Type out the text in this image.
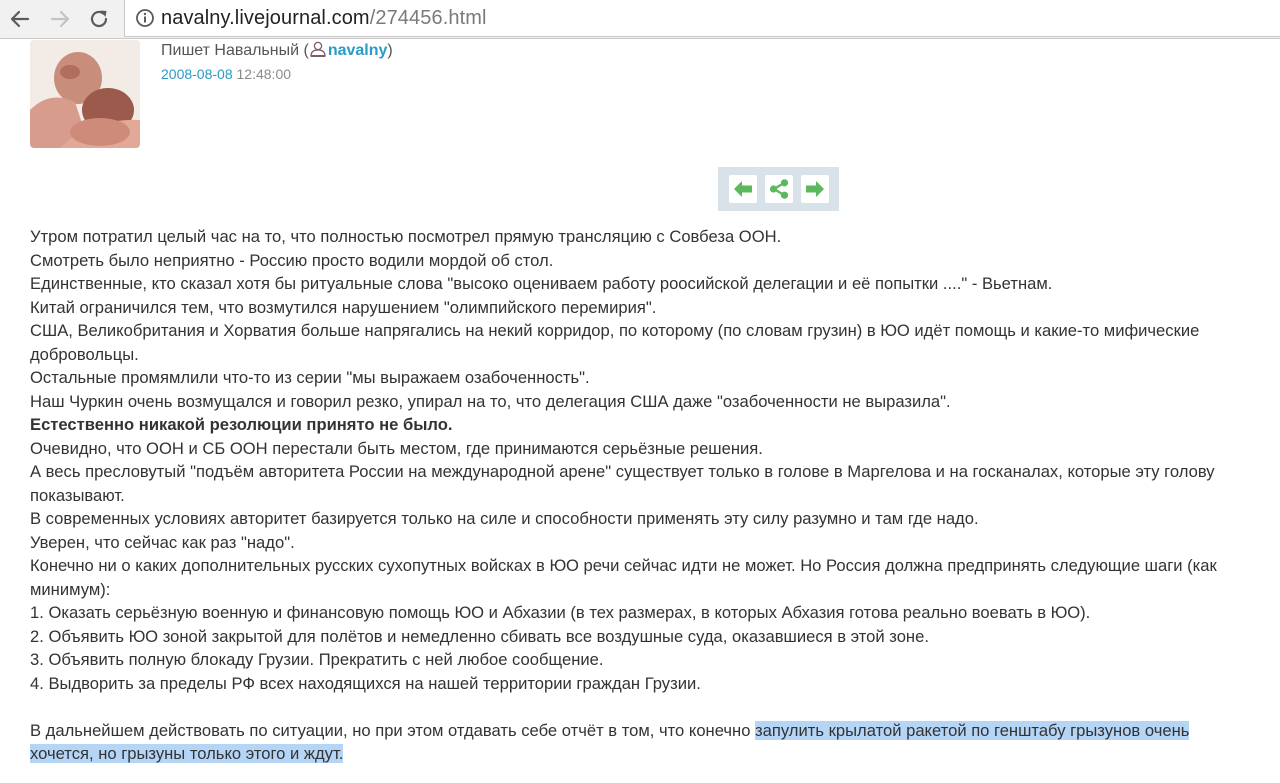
navalny.livejournal.com/274456.html
Пишет Навальный ( navalny)
2008-08-08 12:48:00

Утром потратил целый час на то, что полностью посмотрел прямую трансляцию с Совбеза ООН.

Смотреть было неприятно - Россию просто водили мордой об стол.

Единственные, кто сказал хотя бы ритуальные слова "высоко оцениваем работу роосийской делегации и её попытки ...." - Вьетнам.

Китай ограничился тем, что возмутился нарушением "олимпийского перемирия".

США, Великобритания и Хорватия больше напрягались на некий корридор, по которому (по словам грузин) в ЮО идёт помощь и какие-то мифические добровольцы.

Остальные промямлили что-то из серии "мы выражаем озабоченность".

Наш Чуркин очень возмущался и говорил резко, упирал на то, что делегация США даже "озабоченности не выразила".

Естественно никакой резолюции принято не было.

Очевидно, что ООН и СБ ООН перестали быть местом, где принимаются серьёзные решения.

А весь пресловутый "подъём авторитета России на международной арене" существует только в голове в Маргелова и на госканалах, которые эту голову показывают.

В современных условиях авторитет базируется только на силе и способности применять эту силу разумно и там где надо.

Уверен, что сейчас как раз "надо".

Конечно ни о каких дополнительных русских сухопутных войсках в ЮО речи сейчас идти не может. Но Россия должна предпринять следующие шаги (как минимум):

1. Оказать серьёзную военную и финансовую помощь ЮО и Абхазии (в тех размерах, в которых Абхазия готова реально воевать в ЮО).

2. Объявить ЮО зоной закрытой для полётов и немедленно сбивать все воздушные суда, оказавшиеся в этой зоне.

3. Объявить полную блокаду Грузии. Прекратить с ней любое сообщение.

4. Выдворить за пределы РФ всех находящихся на нашей территории граждан Грузии.

В дальнейшем действовать по ситуации, но при этом отдавать себе отчёт в том, что конечно запулить крылатой ракетой по генштабу грызунов очень хочется, но грызуны только этого и ждут.
